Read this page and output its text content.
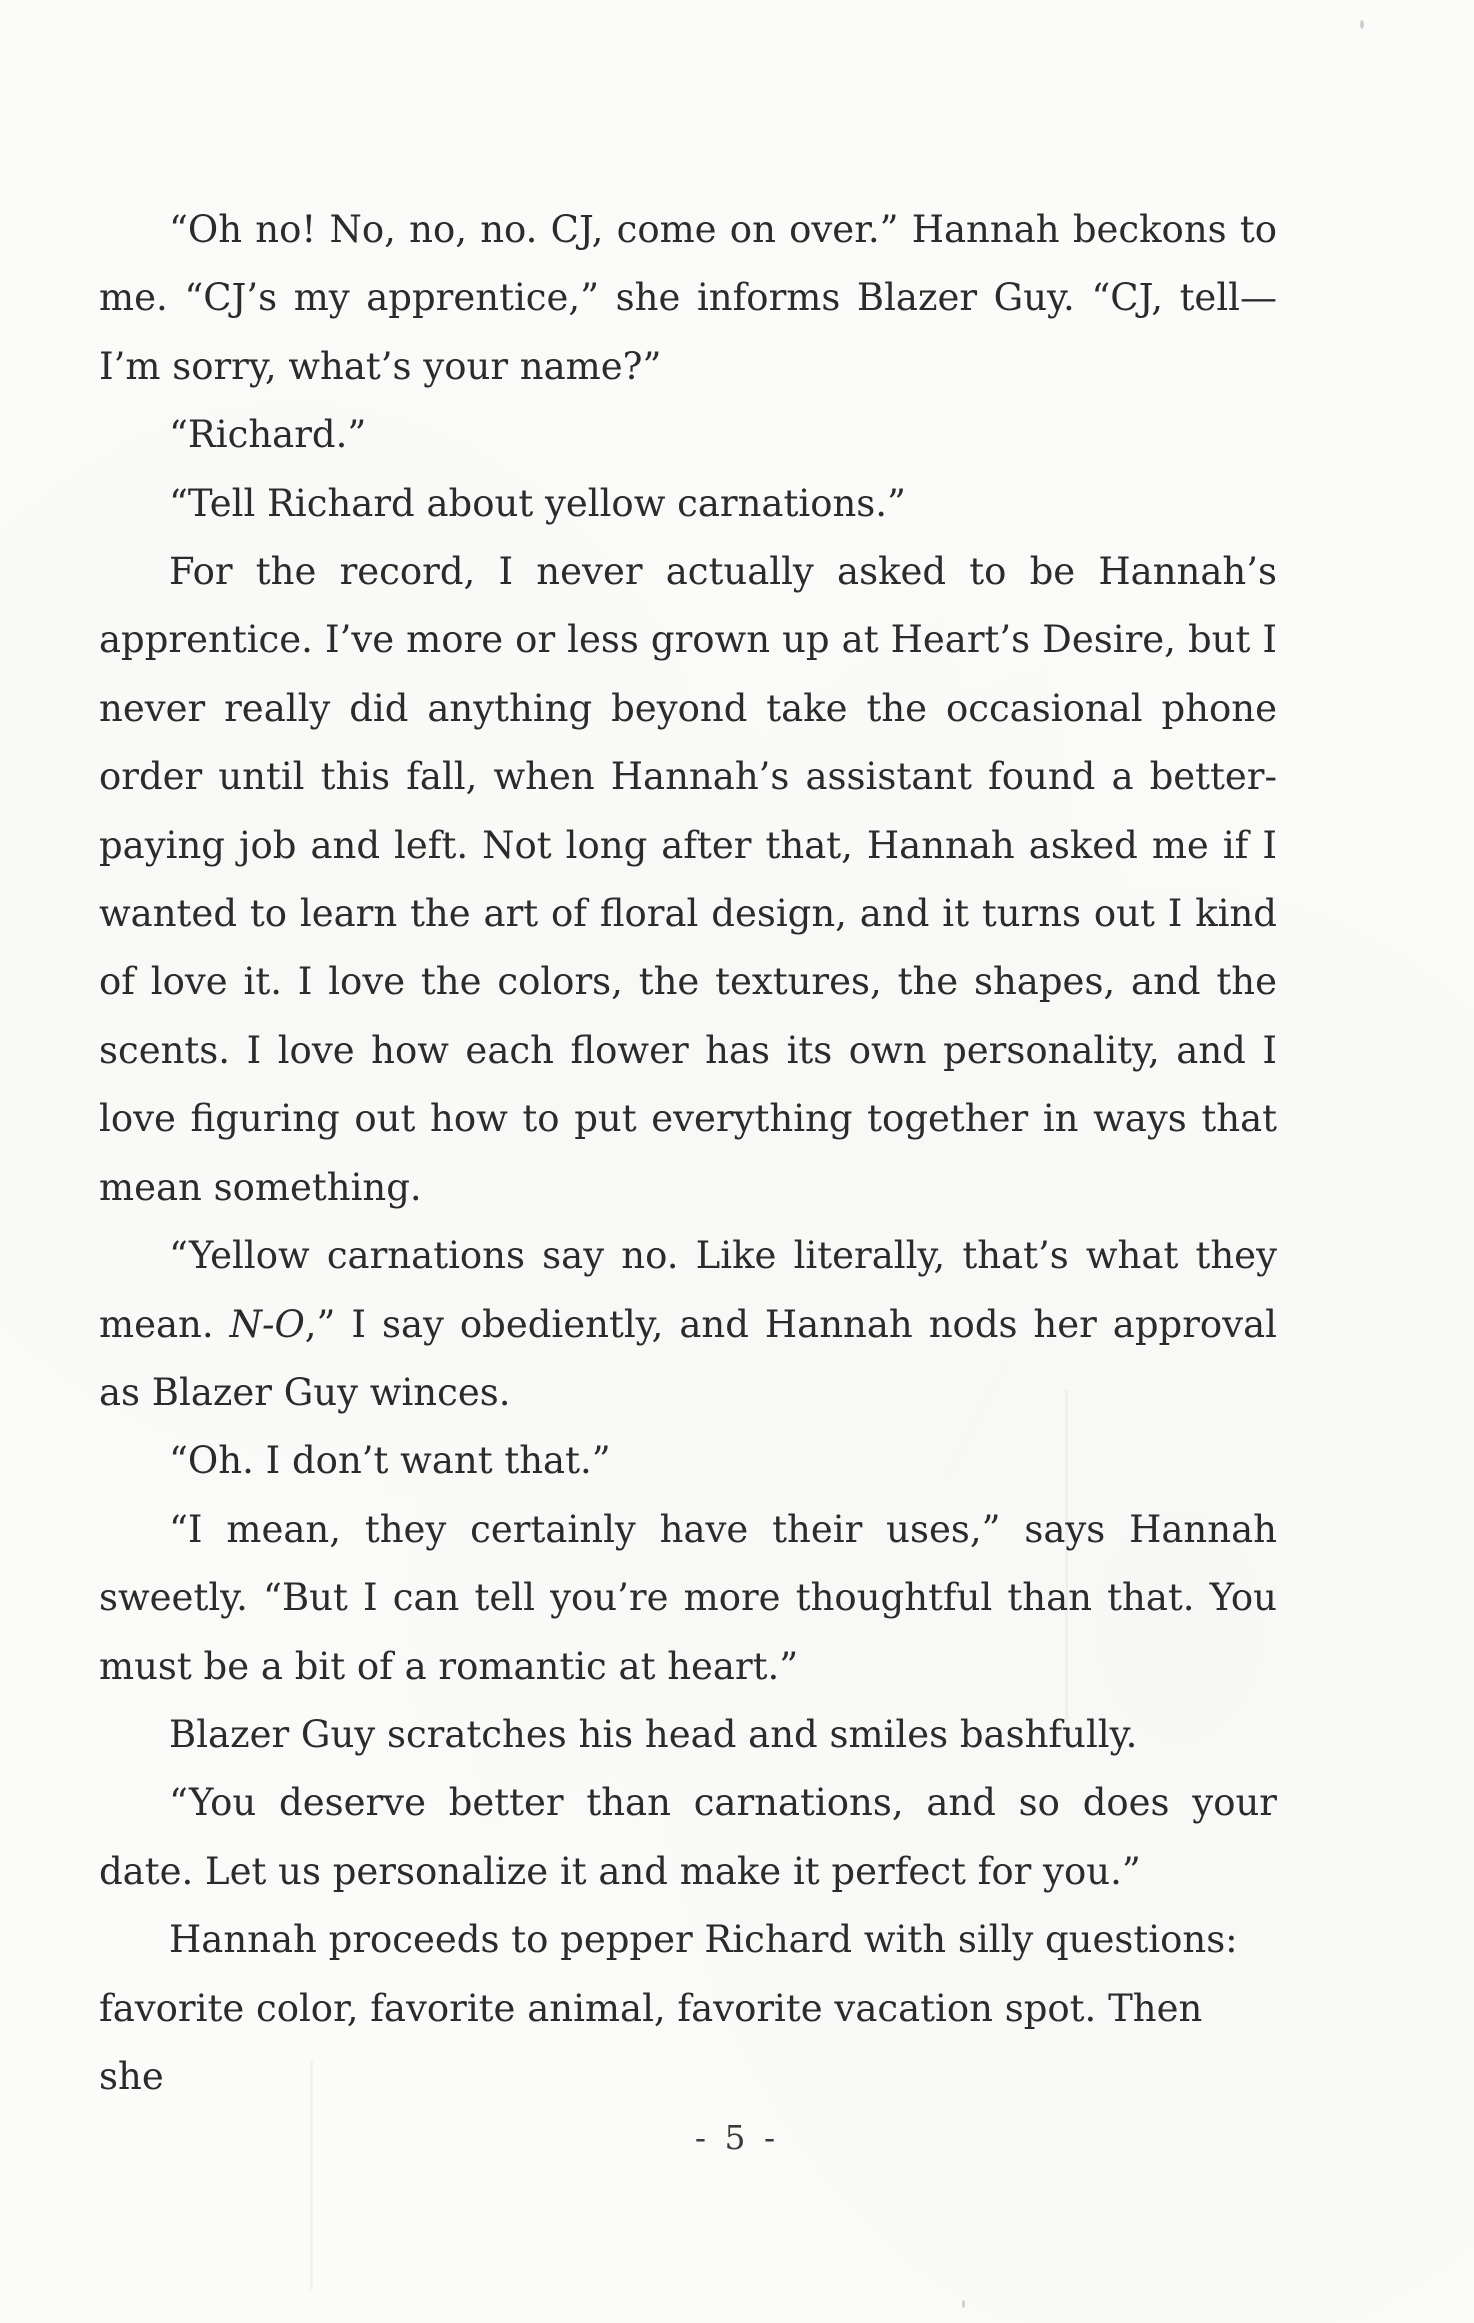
“Oh no! No, no, no. CJ, come on over.” Hannah beckons to me. “CJ’s my apprentice,” she informs Blazer Guy. “CJ, tell— I’m sorry, what’s your name?”

“Richard.”

“Tell Richard about yellow carnations.”

For the record, I never actually asked to be Hannah’s apprentice. I’ve more or less grown up at Heart’s Desire, but I never really did anything beyond take the occasional phone order until this fall, when Hannah’s assistant found a better-paying job and left. Not long after that, Hannah asked me if I wanted to learn the art of floral design, and it turns out I kind of love it. I love the colors, the textures, the shapes, and the scents. I love how each flower has its own personality, and I love figuring out how to put everything together in ways that mean something.

“Yellow carnations say no. Like literally, that’s what they mean. N-O,” I say obediently, and Hannah nods her approval as Blazer Guy winces.

“Oh. I don’t want that.”

“I mean, they certainly have their uses,” says Hannah sweetly. “But I can tell you’re more thoughtful than that. You must be a bit of a romantic at heart.”

Blazer Guy scratches his head and smiles bashfully.

“You deserve better than carnations, and so does your date. Let us personalize it and make it perfect for you.”

Hannah proceeds to pepper Richard with silly questions: favorite color, favorite animal, favorite vacation spot. Then she

- 5 -
